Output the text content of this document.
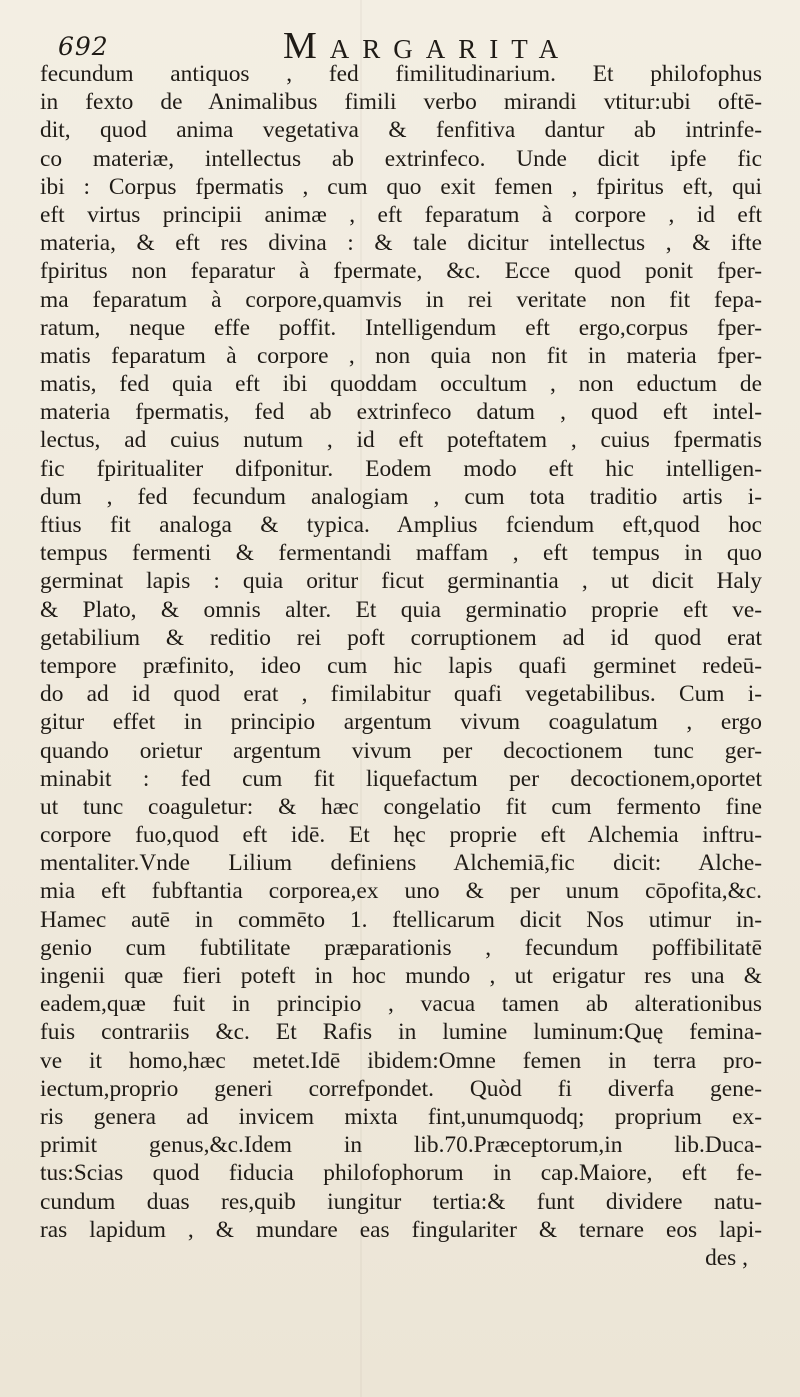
692	Margarita
fecundum antiquos , fed fimilitudinarium. Et philofophus
in fexto de Animalibus fimili verbo mirandi vtitur:ubi oftē-
dit, quod anima vegetativa & fenfitiva dantur ab intrinfe-
co materiæ, intellectus ab extrinfeco. Unde dicit ipfe fic
ibi : Corpus fpermatis , cum quo exit femen , fpiritus eft, qui
eft virtus principii animæ , eft feparatum à corpore , id eft
materia, & eft res divina : & tale dicitur intellectus , & ifte
fpiritus non feparatur à fpermate, &c. Ecce quod ponit fper-
ma feparatum à corpore,quamvis in rei veritate non fit fepa-
ratum, neque effe poffit. Intelligendum eft ergo,corpus fper-
matis feparatum à corpore , non quia non fit in materia fper-
matis, fed quia eft ibi quoddam occultum , non eductum de
materia fpermatis, fed ab extrinfeco datum , quod eft intel-
lectus, ad cuius nutum , id eft poteftatem , cuius fpermatis
fic fpiritualiter difponitur. Eodem modo eft hic intelligen-
dum , fed fecundum analogiam , cum tota traditio artis i-
ftius fit analoga & typica. Amplius fciendum eft,quod hoc
tempus fermenti & fermentandi maffam , eft tempus in quo
germinat lapis : quia oritur ficut germinantia , ut dicit Haly
& Plato, & omnis alter. Et quia germinatio proprie eft ve-
getabilium & reditio rei poft corruptionem ad id quod erat
tempore præfinito, ideo cum hic lapis quafi germinet redeū-
do ad id quod erat , fimilabitur quafi vegetabilibus. Cum i-
gitur effet in principio argentum vivum coagulatum , ergo
quando orietur argentum vivum per decoctionem tunc ger-
minabit : fed cum fit liquefactum per decoctionem,oportet
ut tunc coaguletur: & hæc congelatio fit cum fermento fine
corpore fuo,quod eft idē. Et hęc proprie eft Alchemia inftru-
mentaliter.Vnde Lilium definiens Alchemiā,fic dicit: Alche-
mia eft fubftantia corporea,ex uno & per unum cōpofita,&c.
Hamec autē in commēto 1. ftellicarum dicit Nos utimur in-
genio cum fubtilitate præparationis , fecundum poffibilitatē
ingenii quæ fieri poteft in hoc mundo , ut erigatur res una &
eadem,quæ fuit in principio , vacua tamen ab alterationibus
fuis contrariis &c. Et Rafis in lumine luminum:Quę femina-
ve it homo,hæc metet.Idē ibidem:Omne femen in terra pro-
iectum,proprio generi correfpondet. Quòd fi diverfa gene-
ris genera ad invicem mixta fint,unumquodq; proprium ex-
primit genus,&c.Idem in lib.70.Præceptorum,in lib.Duca-
tus:Scias quod fiducia philofophorum in cap.Maiore, eft fe-
cundum duas res,quib iungitur tertia:& funt dividere natu-
ras lapidum , & mundare eas fingulariter & ternare eos lapi-
des ,
